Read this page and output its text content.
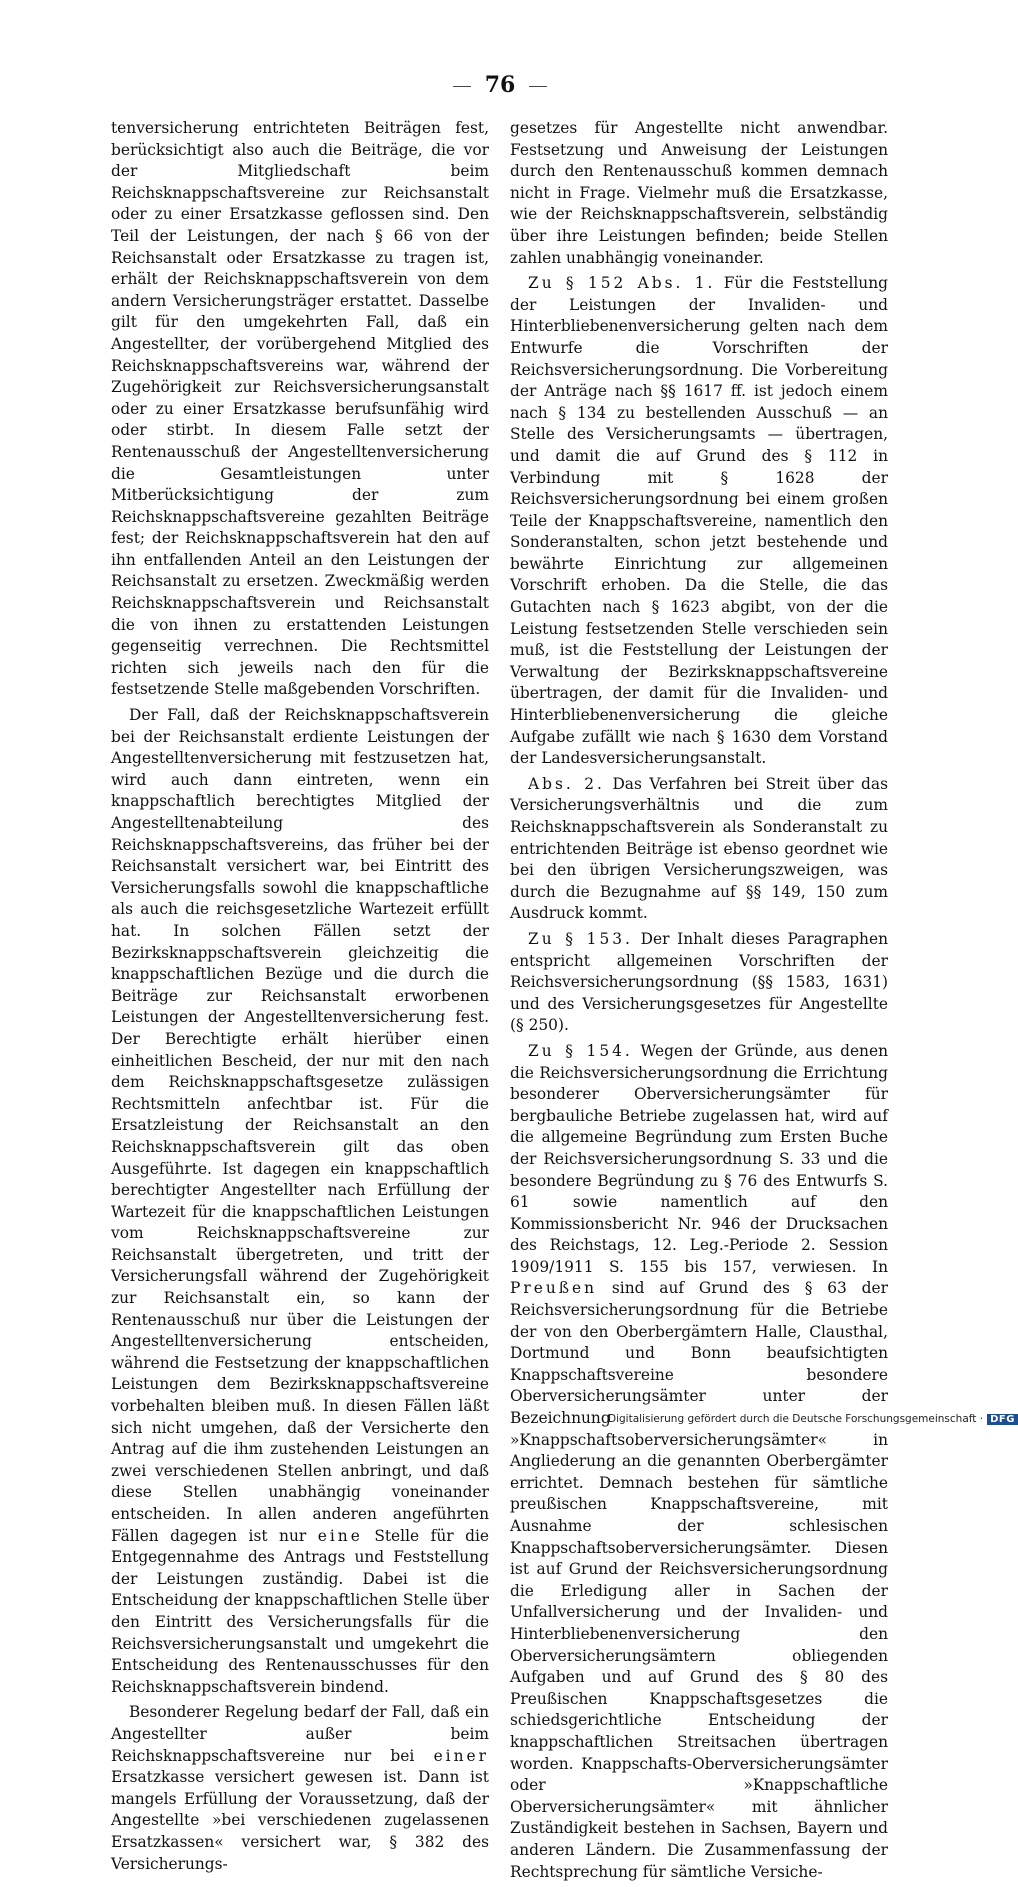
76

tenversicherung entrichteten Beiträgen fest, berücksichtigt also auch die Beiträge, die vor der Mitgliedschaft beim Reichsknappschaftsvereine zur Reichsanstalt oder zu einer Ersatzkasse geflossen sind. Den Teil der Leistungen, der nach § 66 von der Reichsanstalt oder Ersatzkasse zu tragen ist, erhält der Reichsknappschaftsverein von dem andern Versicherungsträger erstattet. Dasselbe gilt für den umgekehrten Fall, daß ein Angestellter, der vorübergehend Mitglied des Reichsknappschaftsvereins war, während der Zugehörigkeit zur Reichsversicherungsanstalt oder zu einer Ersatzkasse berufsunfähig wird oder stirbt. In diesem Falle setzt der Rentenausschuß der Angestelltenversicherung die Gesamtleistungen unter Mitberücksichtigung der zum Reichsknappschaftsvereine gezahlten Beiträge fest; der Reichsknappschaftsverein hat den auf ihn entfallenden Anteil an den Leistungen der Reichsanstalt zu ersetzen. Zweckmäßig werden Reichsknappschaftsverein und Reichsanstalt die von ihnen zu erstattenden Leistungen gegenseitig verrechnen. Die Rechtsmittel richten sich jeweils nach den für die festsetzende Stelle maßgebenden Vorschriften.

Der Fall, daß der Reichsknappschaftsverein bei der Reichsanstalt erdiente Leistungen der Angestelltenversicherung mit festzusetzen hat, wird auch dann eintreten, wenn ein knappschaftlich berechtigtes Mitglied der Angestelltenabteilung des Reichsknappschaftsvereins, das früher bei der Reichsanstalt versichert war, bei Eintritt des Versicherungsfalls sowohl die knappschaftliche als auch die reichsgesetzliche Wartezeit erfüllt hat. In solchen Fällen setzt der Bezirksknappschaftsverein gleichzeitig die knappschaftlichen Bezüge und die durch die Beiträge zur Reichsanstalt erworbenen Leistungen der Angestelltenversicherung fest. Der Berechtigte erhält hierüber einen einheitlichen Bescheid, der nur mit den nach dem Reichsknappschaftsgesetze zulässigen Rechtsmitteln anfechtbar ist. Für die Ersatzleistung der Reichsanstalt an den Reichsknappschaftsverein gilt das oben Ausgeführte. Ist dagegen ein knappschaftlich berechtigter Angestellter nach Erfüllung der Wartezeit für die knappschaftlichen Leistungen vom Reichsknappschaftsvereine zur Reichsanstalt übergetreten, und tritt der Versicherungsfall während der Zugehörigkeit zur Reichsanstalt ein, so kann der Rentenausschuß nur über die Leistungen der Angestelltenversicherung entscheiden, während die Festsetzung der knappschaftlichen Leistungen dem Bezirksknappschaftsvereine vorbehalten bleiben muß. In diesen Fällen läßt sich nicht umgehen, daß der Versicherte den Antrag auf die ihm zustehenden Leistungen an zwei verschiedenen Stellen anbringt, und daß diese Stellen unabhängig voneinander entscheiden. In allen anderen angeführten Fällen dagegen ist nur eine Stelle für die Entgegennahme des Antrags und Feststellung der Leistungen zuständig. Dabei ist die Entscheidung der knappschaftlichen Stelle über den Eintritt des Versicherungsfalls für die Reichsversicherungsanstalt und umgekehrt die Entscheidung des Rentenausschusses für den Reichsknappschaftsverein bindend.

Besonderer Regelung bedarf der Fall, daß ein Angestellter außer beim Reichsknappschaftsvereine nur bei einer Ersatzkasse versichert gewesen ist. Dann ist mangels Erfüllung der Voraussetzung, daß der Angestellte »bei verschiedenen zugelassenen Ersatzkassen« versichert war, § 382 des Versicherungs-

gesetzes für Angestellte nicht anwendbar. Festsetzung und Anweisung der Leistungen durch den Rentenausschuß kommen demnach nicht in Frage. Vielmehr muß die Ersatzkasse, wie der Reichsknappschaftsverein, selbständig über ihre Leistungen befinden; beide Stellen zahlen unabhängig voneinander.

Zu § 152 Abs. 1. Für die Feststellung der Leistungen der Invaliden- und Hinterbliebenenversicherung gelten nach dem Entwurfe die Vorschriften der Reichsversicherungsordnung. Die Vorbereitung der Anträge nach §§ 1617 ff. ist jedoch einem nach § 134 zu bestellenden Ausschuß — an Stelle des Versicherungsamts — übertragen, und damit die auf Grund des § 112 in Verbindung mit § 1628 der Reichsversicherungsordnung bei einem großen Teile der Knappschaftsvereine, namentlich den Sonderanstalten, schon jetzt bestehende und bewährte Einrichtung zur allgemeinen Vorschrift erhoben. Da die Stelle, die das Gutachten nach § 1623 abgibt, von der die Leistung festsetzenden Stelle verschieden sein muß, ist die Feststellung der Leistungen der Verwaltung der Bezirksknappschaftsvereine übertragen, der damit für die Invaliden- und Hinterbliebenenversicherung die gleiche Aufgabe zufällt wie nach § 1630 dem Vorstand der Landesversicherungsanstalt.

Abs. 2. Das Verfahren bei Streit über das Versicherungsverhältnis und die zum Reichsknappschaftsverein als Sonderanstalt zu entrichtenden Beiträge ist ebenso geordnet wie bei den übrigen Versicherungszweigen, was durch die Bezugnahme auf §§ 149, 150 zum Ausdruck kommt.

Zu § 153. Der Inhalt dieses Paragraphen entspricht allgemeinen Vorschriften der Reichsversicherungsordnung (§§ 1583, 1631) und des Versicherungsgesetzes für Angestellte (§ 250).

Zu § 154. Wegen der Gründe, aus denen die Reichsversicherungsordnung die Errichtung besonderer Oberversicherungsämter für bergbauliche Betriebe zugelassen hat, wird auf die allgemeine Begründung zum Ersten Buche der Reichsversicherungsordnung S. 33 und die besondere Begründung zu § 76 des Entwurfs S. 61 sowie namentlich auf den Kommissionsbericht Nr. 946 der Drucksachen des Reichstags, 12. Leg.-Periode 2. Session 1909/1911 S. 155 bis 157, verwiesen. In Preußen sind auf Grund des § 63 der Reichsversicherungsordnung für die Betriebe der von den Oberbergämtern Halle, Clausthal, Dortmund und Bonn beaufsichtigten Knappschaftsvereine besondere Oberversicherungsämter unter der Bezeichnung »Knappschaftsoberversicherungsämter« in Angliederung an die genannten Oberbergämter errichtet. Demnach bestehen für sämtliche preußischen Knappschaftsvereine, mit Ausnahme der schlesischen Knappschaftsoberversicherungsämter. Diesen ist auf Grund der Reichsversicherungsordnung die Erledigung aller in Sachen der Unfallversicherung und der Invaliden- und Hinterbliebenenversicherung den Oberversicherungsämtern obliegenden Aufgaben und auf Grund des § 80 des Preußischen Knappschaftsgesetzes die schiedsgerichtliche Entscheidung der knappschaftlichen Streitsachen übertragen worden. Knappschafts-Oberversicherungsämter oder »Knappschaftliche Oberversicherungsämter« mit ähnlicher Zuständigkeit bestehen in Sachsen, Bayern und anderen Ländern. Die Zusammenfassung der Rechtsprechung für sämtliche Versiche-

Digitalisierung gefördert durch die Deutsche Forschungsgemeinschaft · DFG
